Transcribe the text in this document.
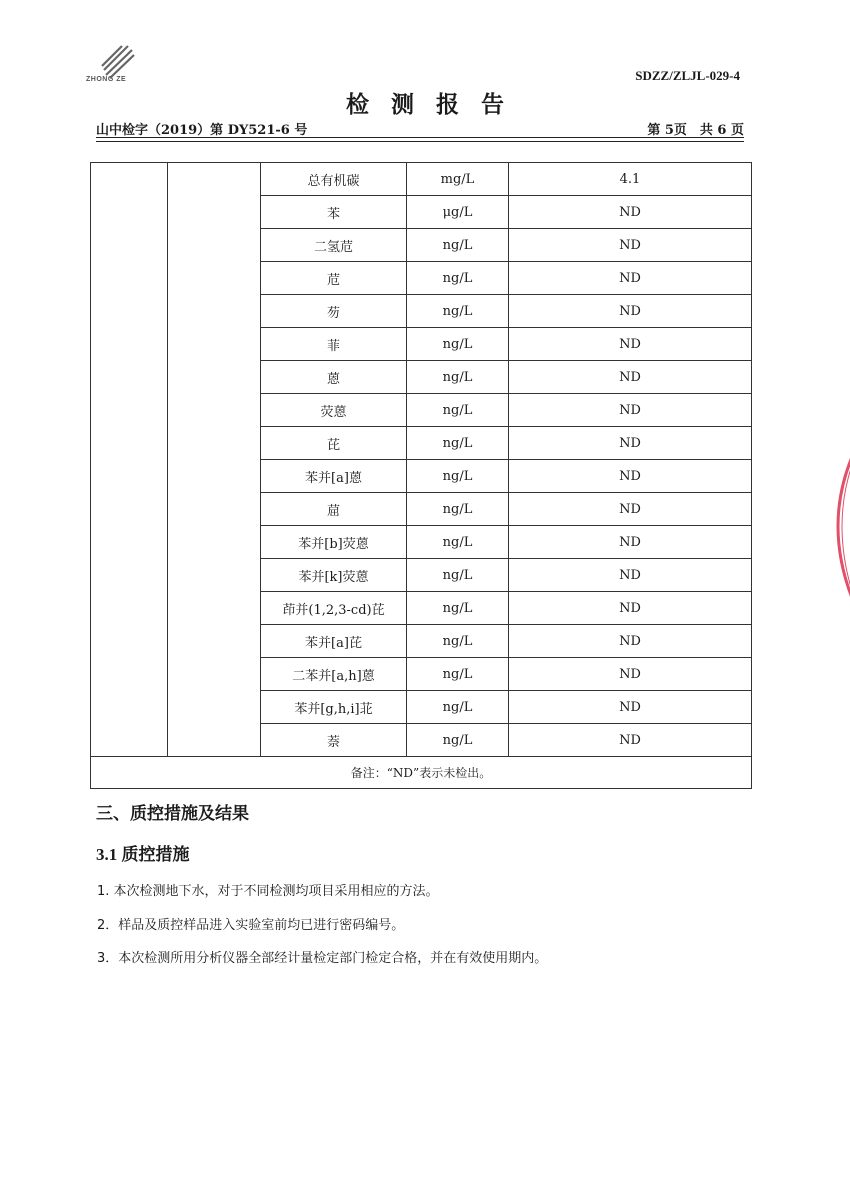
ZHONG ZE	SDZZ/ZLJL-029-4
检测报告
山中检字（2019）第 DY521-6 号	第 5页　共 6 页
		总有机碳	mg/L	4.1
		苯	μg/L	ND
		二氢苊	ng/L	ND
		苊	ng/L	ND
		芴	ng/L	ND
		菲	ng/L	ND
		蒽	ng/L	ND
		荧蒽	ng/L	ND
		芘	ng/L	ND
		苯并[a]蒽	ng/L	ND
		䓛	ng/L	ND
		苯并[b]荧蒽	ng/L	ND
		苯并[k]荧蒽	ng/L	ND
		茚并(1,2,3-cd)芘	ng/L	ND
		苯并[a]芘	ng/L	ND
		二苯并[a,h]蒽	ng/L	ND
		苯并[g,h,i]苝	ng/L	ND
		萘	ng/L	ND
备注：“ND”表示未检出。				
三、质控措施及结果
3.1 质控措施
1. 本次检测地下水，对于不同检测均项目采用相应的方法。
2．样品及质控样品进入实验室前均已进行密码编号。
3．本次检测所用分析仪器全部经计量检定部门检定合格，并在有效使用期内。
